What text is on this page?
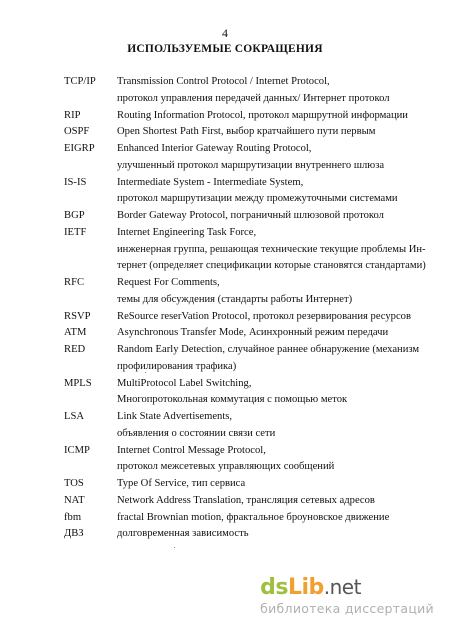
4
ИСПОЛЬЗУЕМЫЕ СОКРАЩЕНИЯ
TCP/IP Transmission Control Protocol / Internet Protocol,
протокол управления передачей данных/ Интернет протокол
RIP	Routing Information Protocol, протокол маршрутной информации
OSPF	Open Shortest Path First, выбор кратчайшего пути первым
EIGRP Enhanced Interior Gateway Routing Protocol,
улучшенный протокол маршрутизации внутреннего шлюза
IS-IS	Intermediate System - Intermediate System,
протокол маршрутизации между промежуточными системами
BGP	Border Gateway Protocol, пограничный шлюзовой протокол
IETF	Internet Engineering Task Force,
инженерная группа, решающая технические текущие проблемы Ин-
тернет (определяет спецификации которые становятся стандартами)
RFC	Request For Comments,
темы для обсуждения (стандарты работы Интернет)
RSVP	ReSource reserVation Protocol, протокол резервирования ресурсов
ATM	Asynchronous Transfer Mode, Асинхронный режим передачи
RED	Random Early Detection, случайное раннее обнаружение (механизм
профилирования трафика)
MPLS MultiProtocol Label Switching,
Многопротокольная коммутация с помощью меток
LSA	Link State Advertisements,
объявления о состоянии связи сети
ICMP	Internet Control Message Protocol,
протокол межсетевых управляющих сообщений
TOS	Type Of Service, тип сервиса
NAT	Network Address Translation, трансляция сетевых адресов
fbm	fractal Brownian motion, фрактальное броуновское движение
ДВЗ	долговременная зависимость
dsLib.net
библиотека диссертаций
